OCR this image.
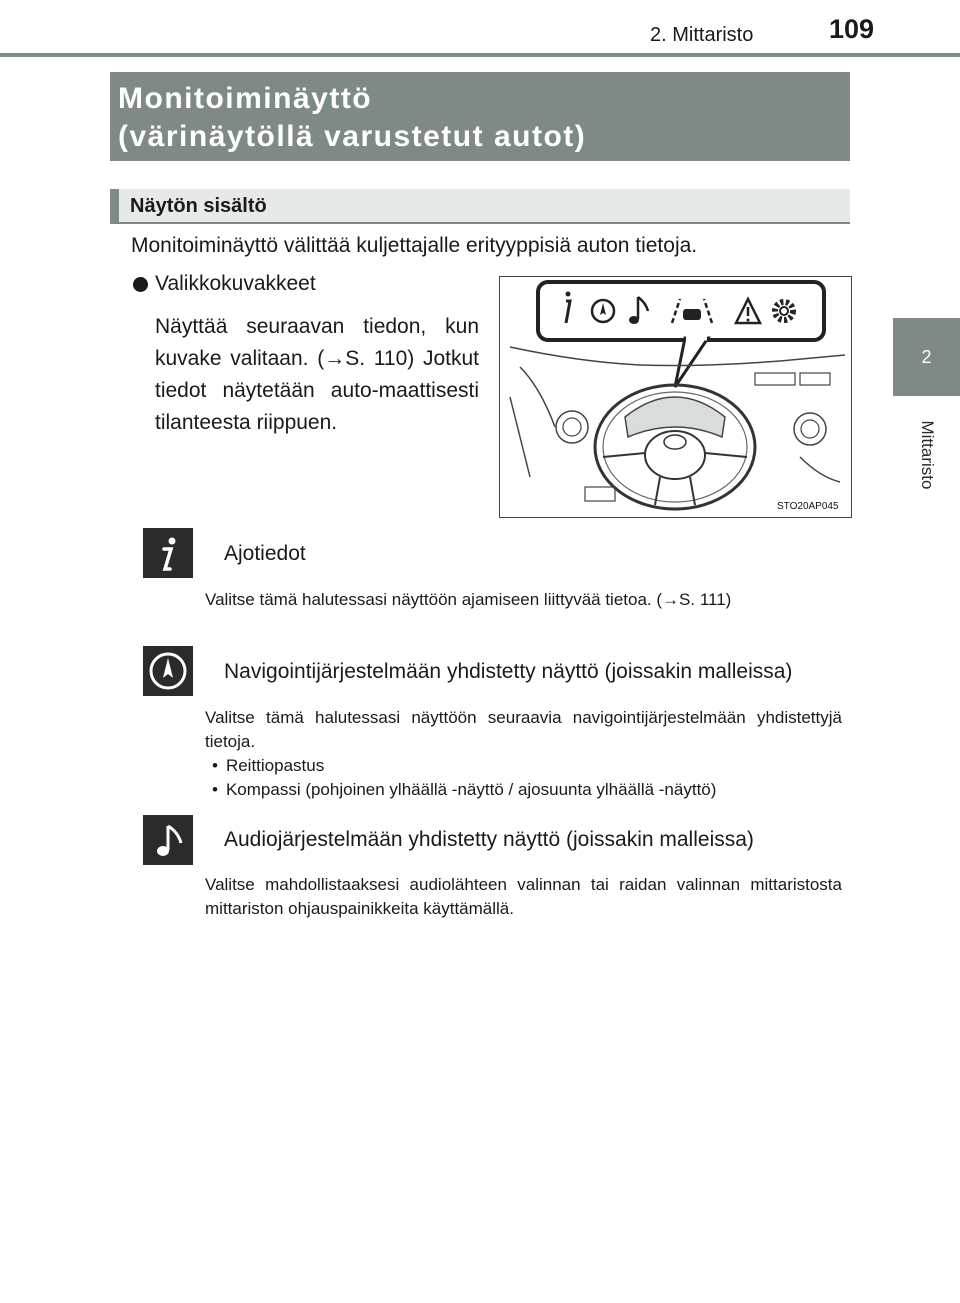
2. Mittaristo	109
2
Mittaristo
Monitoiminäyttö
(värinäytöllä varustetut autot)
Näytön sisältö
Monitoiminäyttö välittää kuljettajalle erityyppisiä auton tietoja.
Valikkokuvakkeet
Näyttää seuraavan tiedon, kun kuvake valitaan. (→S. 110) Jotkut tiedot näytetään auto-maattisesti tilanteesta riippuen.
STO20AP045
Ajotiedot
Valitse tämä halutessasi näyttöön ajamiseen liittyvää tietoa. (→S. 111)
Navigointijärjestelmään yhdistetty näyttö (joissakin malleissa)
Valitse tämä halutessasi näyttöön seuraavia navigointijärjestelmään yhdistettyjä tietoja.
• Reittiopastus
• Kompassi (pohjoinen ylhäällä -näyttö / ajosuunta ylhäällä -näyttö)
Audiojärjestelmään yhdistetty näyttö (joissakin malleissa)
Valitse mahdollistaaksesi audiolähteen valinnan tai raidan valinnan mittaristosta mittariston ohjauspainikkeita käyttämällä.
